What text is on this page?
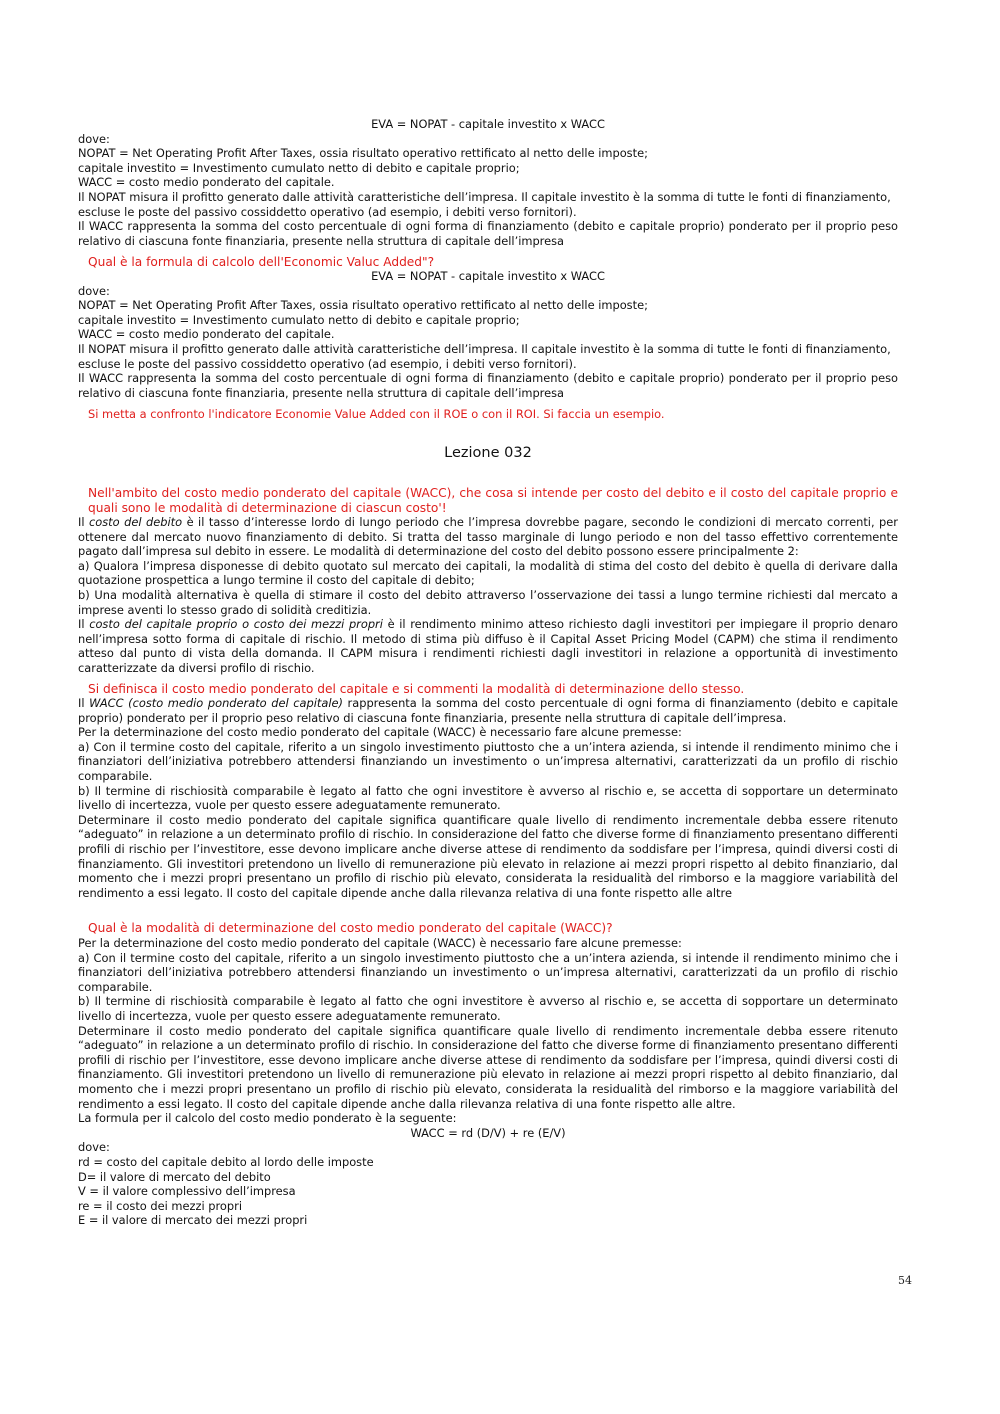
EVA = NOPAT - capitale investito x WACC

dove:

NOPAT = Net Operating Profit After Taxes, ossia risultato operativo rettificato al netto delle imposte;

capitale investito = Investimento cumulato netto di debito e capitale proprio;

WACC = costo medio ponderato del capitale.

Il NOPAT misura il profitto generato dalle attività caratteristiche dell’impresa. Il capitale investito è la somma di tutte le fonti di finanziamento, escluse le poste del passivo cossiddetto operativo (ad esempio, i debiti verso fornitori).

Il WACC rappresenta la somma del costo percentuale di ogni forma di finanziamento (debito e capitale proprio) ponderato per il proprio peso relativo di ciascuna fonte finanziaria, presente nella struttura di capitale dell’impresa

Qual è la formula di calcolo dell'Economic Valuc Added"?

EVA = NOPAT - capitale investito x WACC

dove:

NOPAT = Net Operating Profit After Taxes, ossia risultato operativo rettificato al netto delle imposte;

capitale investito = Investimento cumulato netto di debito e capitale proprio;

WACC = costo medio ponderato del capitale.

Il NOPAT misura il profitto generato dalle attività caratteristiche dell’impresa. Il capitale investito è la somma di tutte le fonti di finanziamento, escluse le poste del passivo cossiddetto operativo (ad esempio, i debiti verso fornitori).

Il WACC rappresenta la somma del costo percentuale di ogni forma di finanziamento (debito e capitale proprio) ponderato per il proprio peso relativo di ciascuna fonte finanziaria, presente nella struttura di capitale dell’impresa

Si metta a confronto l'indicatore Economie Value Added con il ROE o con il ROI. Si faccia un esempio.
Lezione 032
Nell'ambito del costo medio ponderato del capitale (WACC), che cosa si intende per costo del debito e il costo del capitale proprio e quali sono le modalità di determinazione di ciascun costo'!

Il costo del debito è il tasso d’interesse lordo di lungo periodo che l’impresa dovrebbe pagare, secondo le condizioni di mercato correnti, per ottenere dal mercato nuovo finanziamento di debito. Si tratta del tasso marginale di lungo periodo e non del tasso effettivo correntemente pagato dall’impresa sul debito in essere. Le modalità di determinazione del costo del debito possono essere principalmente 2:

a) Qualora l’impresa disponesse di debito quotato sul mercato dei capitali, la modalità di stima del costo del debito è quella di derivare dalla quotazione prospettica a lungo termine il costo del capitale di debito;

b) Una modalità alternativa è quella di stimare il costo del debito attraverso l’osservazione dei tassi a lungo termine richiesti dal mercato a imprese aventi lo stesso grado di solidità creditizia.

Il costo del capitale proprio o costo dei mezzi propri è il rendimento minimo atteso richiesto dagli investitori per impiegare il proprio denaro nell’impresa sotto forma di capitale di rischio. Il metodo di stima più diffuso è il Capital Asset Pricing Model (CAPM) che stima il rendimento atteso dal punto di vista della domanda. Il CAPM misura i rendimenti richiesti dagli investitori in relazione a opportunità di investimento caratterizzate da diversi profilo di rischio.

Si definisca il costo medio ponderato del capitale e si commenti la modalità di determinazione dello stesso.

Il WACC (costo medio ponderato del capitale) rappresenta la somma del costo percentuale di ogni forma di finanziamento (debito e capitale proprio) ponderato per il proprio peso relativo di ciascuna fonte finanziaria, presente nella struttura di capitale dell’impresa.

Per la determinazione del costo medio ponderato del capitale (WACC) è necessario fare alcune premesse:

a) Con il termine costo del capitale, riferito a un singolo investimento piuttosto che a un’intera azienda, si intende il rendimento minimo che i finanziatori dell’iniziativa potrebbero attendersi finanziando un investimento o un’impresa alternativi, caratterizzati da un profilo di rischio comparabile.

b) Il termine di rischiosità comparabile è legato al fatto che ogni investitore è avverso al rischio e, se accetta di sopportare un determinato livello di incertezza, vuole per questo essere adeguatamente remunerato.

Determinare il costo medio ponderato del capitale significa quantificare quale livello di rendimento incrementale debba essere ritenuto “adeguato” in relazione a un determinato profilo di rischio. In considerazione del fatto che diverse forme di finanziamento presentano differenti profili di rischio per l’investitore, esse devono implicare anche diverse attese di rendimento da soddisfare per l’impresa, quindi diversi costi di finanziamento. Gli investitori pretendono un livello di remunerazione più elevato in relazione ai mezzi propri rispetto al debito finanziario, dal momento che i mezzi propri presentano un profilo di rischio più elevato, considerata la residualità del rimborso e la maggiore variabilità del rendimento a essi legato. Il costo del capitale dipende anche dalla rilevanza relativa di una fonte rispetto alle altre

Qual è la modalità di determinazione del costo medio ponderato del capitale (WACC)?

Per la determinazione del costo medio ponderato del capitale (WACC) è necessario fare alcune premesse:

a) Con il termine costo del capitale, riferito a un singolo investimento piuttosto che a un’intera azienda, si intende il rendimento minimo che i finanziatori dell’iniziativa potrebbero attendersi finanziando un investimento o un’impresa alternativi, caratterizzati da un profilo di rischio comparabile.

b) Il termine di rischiosità comparabile è legato al fatto che ogni investitore è avverso al rischio e, se accetta di sopportare un determinato livello di incertezza, vuole per questo essere adeguatamente remunerato.

Determinare il costo medio ponderato del capitale significa quantificare quale livello di rendimento incrementale debba essere ritenuto “adeguato” in relazione a un determinato profilo di rischio. In considerazione del fatto che diverse forme di finanziamento presentano differenti profili di rischio per l’investitore, esse devono implicare anche diverse attese di rendimento da soddisfare per l’impresa, quindi diversi costi di finanziamento. Gli investitori pretendono un livello di remunerazione più elevato in relazione ai mezzi propri rispetto al debito finanziario, dal momento che i mezzi propri presentano un profilo di rischio più elevato, considerata la residualità del rimborso e la maggiore variabilità del rendimento a essi legato. Il costo del capitale dipende anche dalla rilevanza relativa di una fonte rispetto alle altre.

La formula per il calcolo del costo medio ponderato è la seguente:

WACC = rd (D/V) + re (E/V)

dove:

rd = costo del capitale debito al lordo delle imposte

D= il valore di mercato del debito

V = il valore complessivo dell’impresa

re = il costo dei mezzi propri

E = il valore di mercato dei mezzi propri

54
